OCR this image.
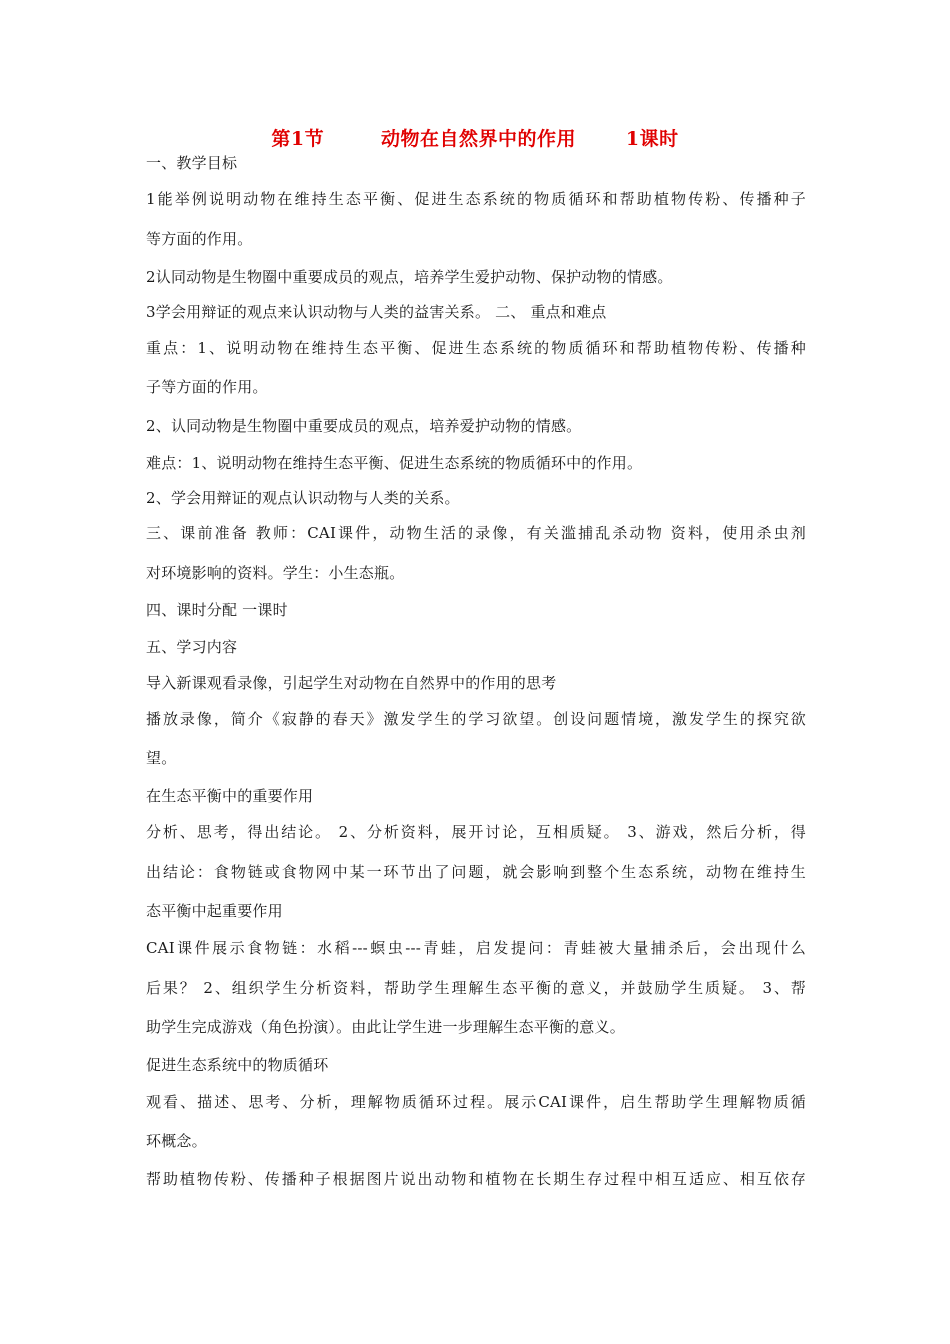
第1节        动物在自然界中的作用       1课时
一、教学目标
1能举例说明动物在维持生态平衡、促进生态系统的物质循环和帮助植物传粉、传播种子
等方面的作用。
2认同动物是生物圈中重要成员的观点，培养学生爱护动物、保护动物的情感。
3学会用辩证的观点来认识动物与人类的益害关系。 二、 重点和难点
重点：1、说明动物在维持生态平衡、促进生态系统的物质循环和帮助植物传粉、传播种
子等方面的作用。
2、认同动物是生物圈中重要成员的观点，培养爱护动物的情感。
难点：1、说明动物在维持生态平衡、促进生态系统的物质循环中的作用。
2、学会用辩证的观点认识动物与人类的关系。
三、课前准备 教师：CAI课件，动物生活的录像，有关滥捕乱杀动物 资料，使用杀虫剂
对环境影响的资料。学生：小生态瓶。
四、课时分配 一课时
五、学习内容
导入新课观看录像，引起学生对动物在自然界中的作用的思考
播放录像，简介《寂静的春天》激发学生的学习欲望。创设问题情境，激发学生的探究欲
望。
在生态平衡中的重要作用
分析、思考，得出结论。 2、分析资料，展开讨论，互相质疑。 3、游戏，然后分析，得
出结论：食物链或食物网中某一环节出了问题，就会影响到整个生态系统，动物在维持生
态平衡中起重要作用
CAI课件展示食物链：水稻---螟虫---青蛙，启发提问：青蛙被大量捕杀后，会出现什么
后果？ 2、组织学生分析资料，帮助学生理解生态平衡的意义，并鼓励学生质疑。 3、帮
助学生完成游戏（角色扮演）。由此让学生进一步理解生态平衡的意义。
促进生态系统中的物质循环
观看、描述、思考、分析，理解物质循环过程。展示CAI课件，启生帮助学生理解物质循
环概念。
帮助植物传粉、传播种子根据图片说出动物和植物在长期生存过程中相互适应、相互依存
